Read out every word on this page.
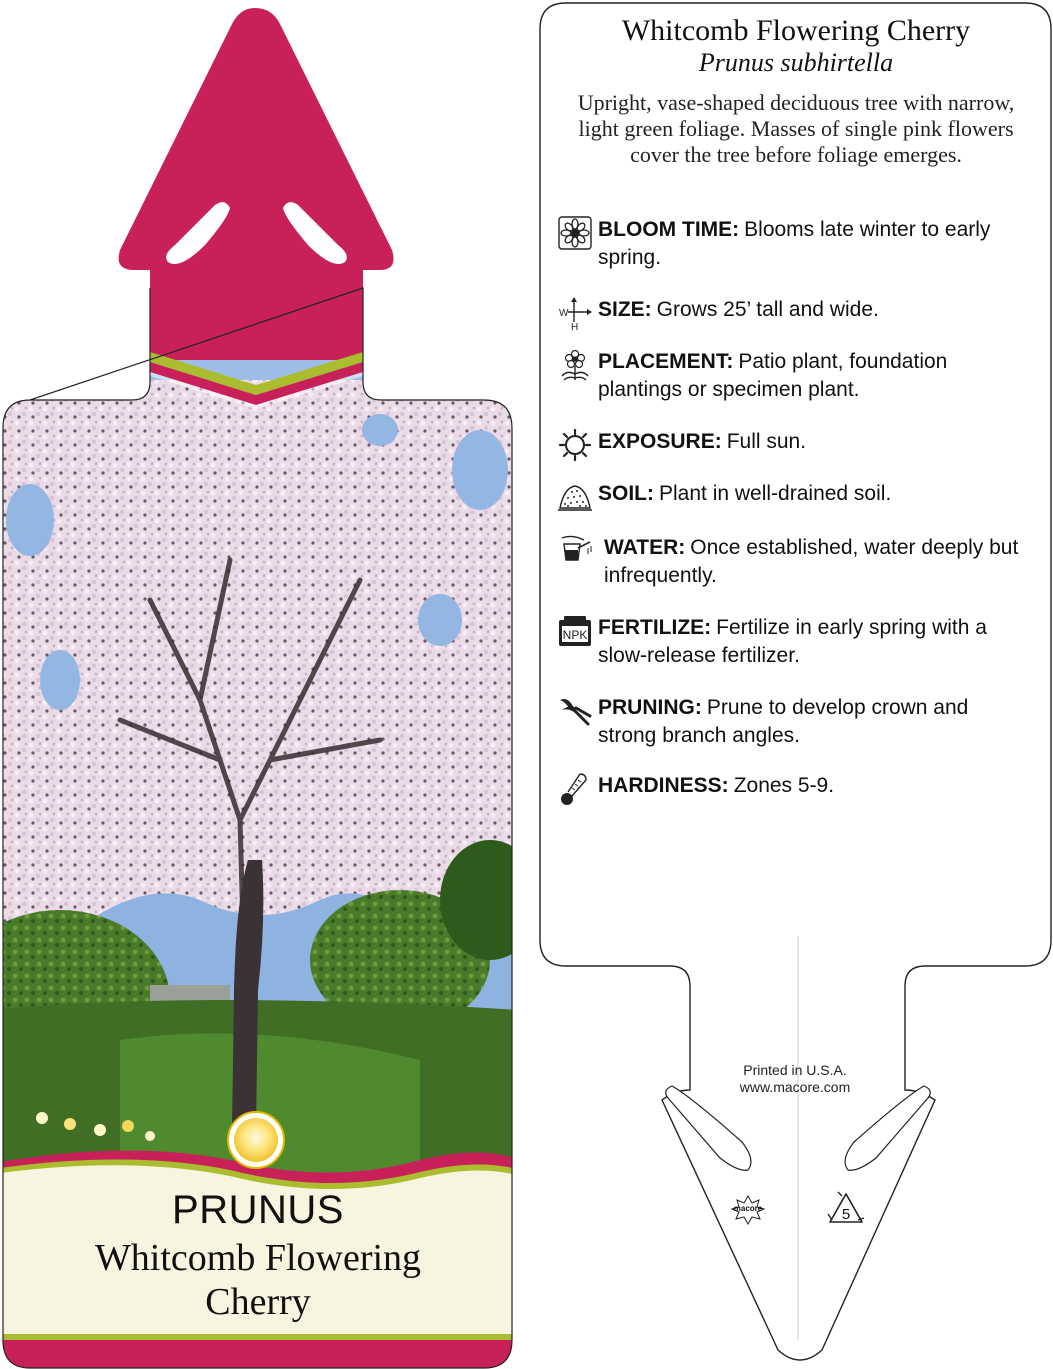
PRUNUS
Whitcomb Flowering
Cherry
Whitcomb Flowering Cherry
Prunus subhirtella
Upright, vase-shaped deciduous tree with narrow, light green foliage. Masses of single pink flowers cover the tree before foliage emerges.
BLOOM TIME: Blooms late winter to early spring.
W
H
SIZE: Grows 25’ tall and wide.
PLACEMENT: Patio plant, foundation plantings or specimen plant.
EXPOSURE: Full sun.
SOIL: Plant in well-drained soil.
WATER: Once established, water deeply but infrequently.
NPK FERTILIZE: Fertilize in early spring with a slow-release fertilizer.
PRUNING: Prune to develop crown and strong branch angles.
HARDINESS: Zones 5-9.
Printed in U.S.A.
www.macore.com
macore	5
